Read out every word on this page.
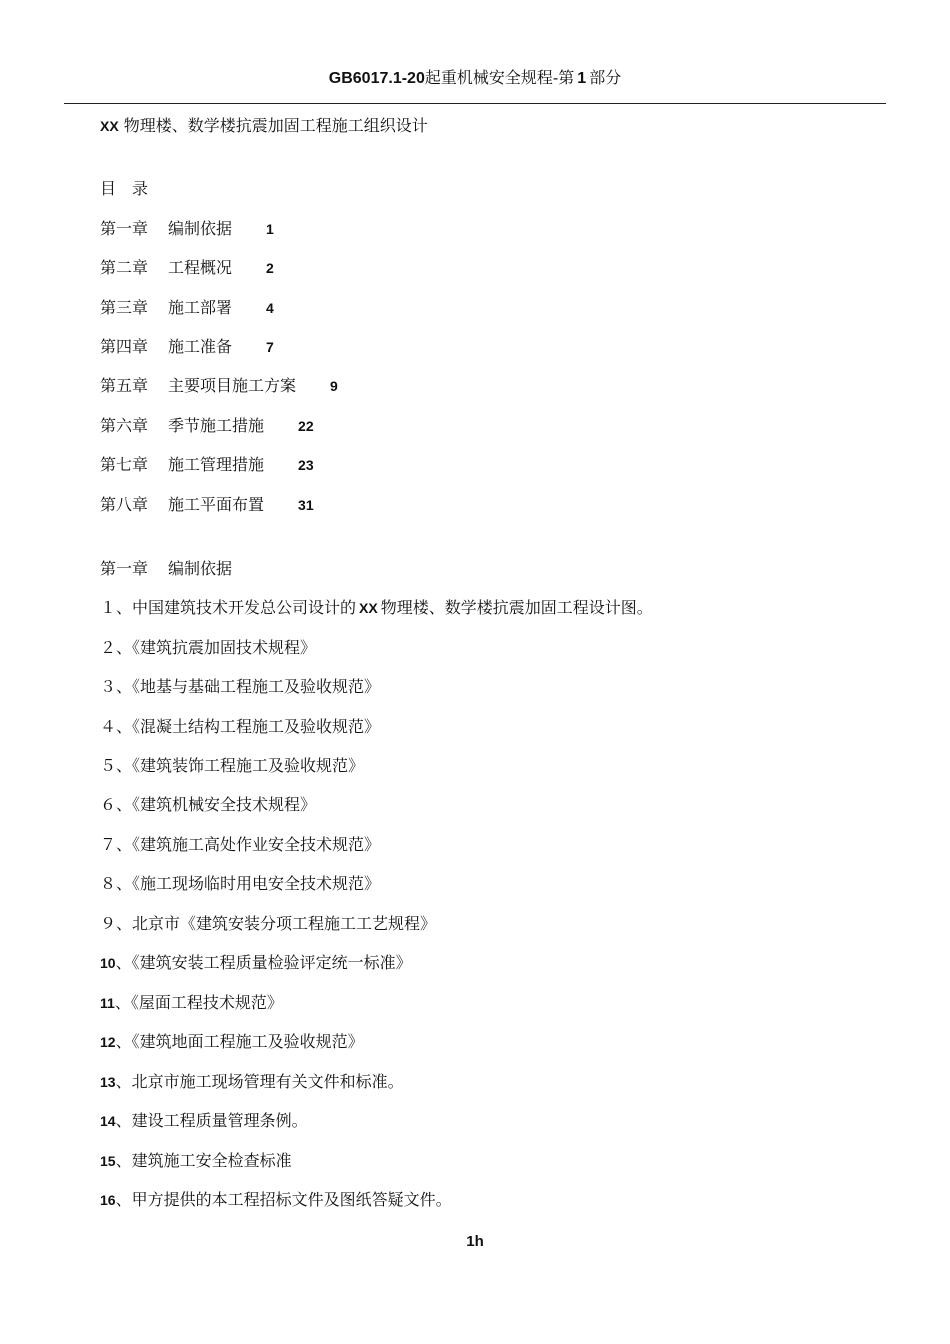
GB6017.1-20起重机械安全规程-第 1 部分
XX 物理楼、数学楼抗震加固工程施工组织设计
目　录
第一章 编制依据 1
第二章 工程概况 2
第三章 施工部署 4
第四章 施工准备 7
第五章 主要项目施工方案 9
第六章 季节施工措施 22
第七章 施工管理措施 23
第八章 施工平面布置 31
第一章 编制依据
１、中国建筑技术开发总公司设计的 XX 物理楼、数学楼抗震加固工程设计图。
２、《建筑抗震加固技术规程》
３、《地基与基础工程施工及验收规范》
４、《混凝土结构工程施工及验收规范》
５、《建筑装饰工程施工及验收规范》
６、《建筑机械安全技术规程》
７、《建筑施工高处作业安全技术规范》
８、《施工现场临时用电安全技术规范》
９、北京市《建筑安装分项工程施工工艺规程》
10、《建筑安装工程质量检验评定统一标准》
11、《屋面工程技术规范》
12、《建筑地面工程施工及验收规范》
13、北京市施工现场管理有关文件和标准。
14、建设工程质量管理条例。
15、建筑施工安全检查标准
16、甲方提供的本工程招标文件及图纸答疑文件。
1h
